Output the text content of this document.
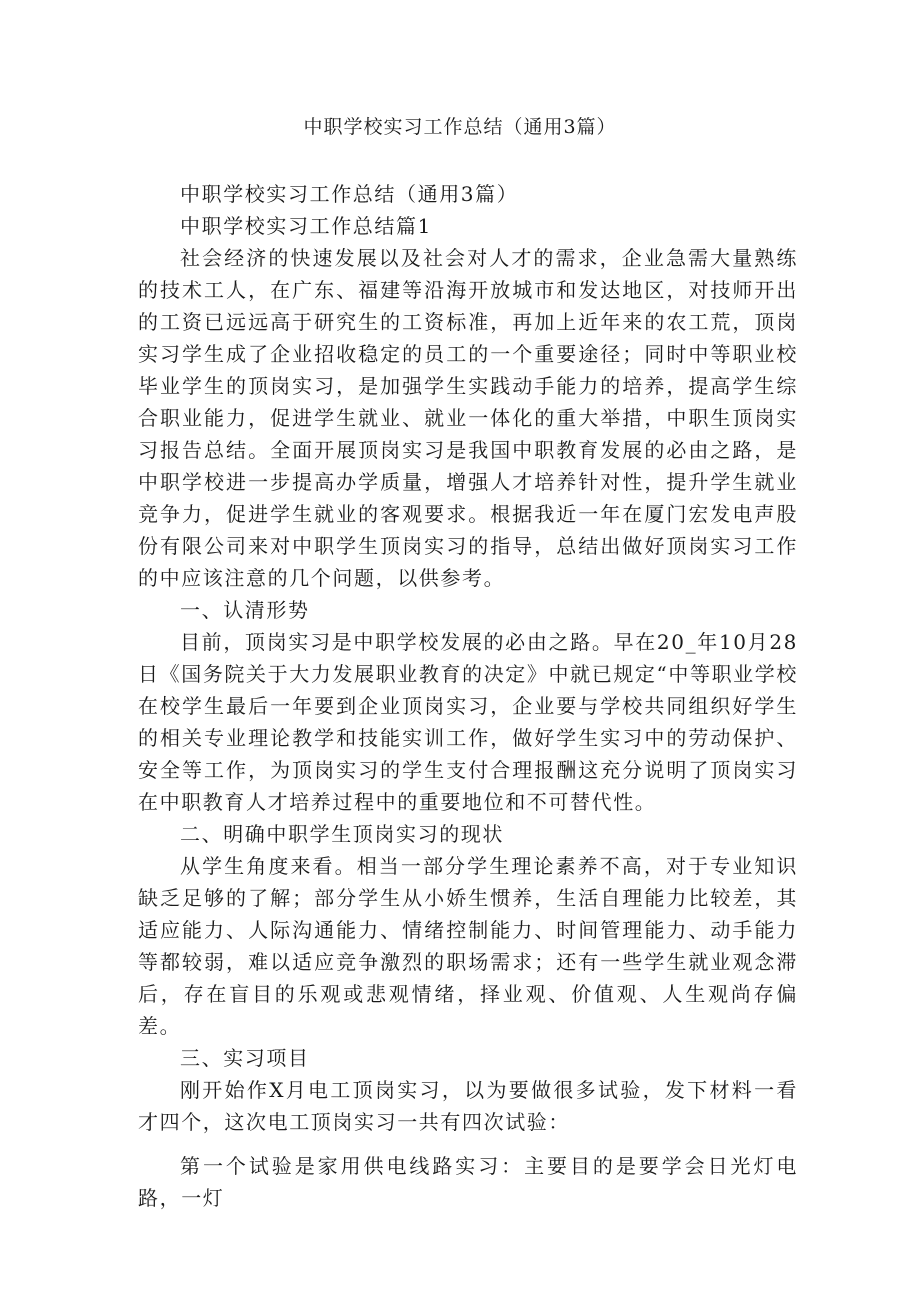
中职学校实习工作总结（通用3篇）

中职学校实习工作总结（通用3篇）

中职学校实习工作总结篇1

社会经济的快速发展以及社会对人才的需求，企业急需大量熟练的技术工人，在广东、福建等沿海开放城市和发达地区，对技师开出的工资已远远高于研究生的工资标准，再加上近年来的农工荒，顶岗实习学生成了企业招收稳定的员工的一个重要途径；同时中等职业校毕业学生的顶岗实习，是加强学生实践动手能力的培养，提高学生综合职业能力，促进学生就业、就业一体化的重大举措，中职生顶岗实习报告总结。全面开展顶岗实习是我国中职教育发展的必由之路，是中职学校进一步提高办学质量，增强人才培养针对性，提升学生就业竞争力，促进学生就业的客观要求。根据我近一年在厦门宏发电声股份有限公司来对中职学生顶岗实习的指导，总结出做好顶岗实习工作的中应该注意的几个问题，以供参考。

一、认清形势

目前，顶岗实习是中职学校发展的必由之路。早在20_年10月28日《国务院关于大力发展职业教育的决定》中就已规定“中等职业学校在校学生最后一年要到企业顶岗实习，企业要与学校共同组织好学生的相关专业理论教学和技能实训工作，做好学生实习中的劳动保护、安全等工作，为顶岗实习的学生支付合理报酬这充分说明了顶岗实习在中职教育人才培养过程中的重要地位和不可替代性。

二、明确中职学生顶岗实习的现状

从学生角度来看。相当一部分学生理论素养不高，对于专业知识缺乏足够的了解；部分学生从小娇生惯养，生活自理能力比较差，其适应能力、人际沟通能力、情绪控制能力、时间管理能力、动手能力等都较弱，难以适应竞争激烈的职场需求；还有一些学生就业观念滞后，存在盲目的乐观或悲观情绪，择业观、价值观、人生观尚存偏差。

三、实习项目

刚开始作X月电工顶岗实习，以为要做很多试验，发下材料一看才四个，这次电工顶岗实习一共有四次试验：

第一个试验是家用供电线路实习：主要目的是要学会日光灯电路，一灯
